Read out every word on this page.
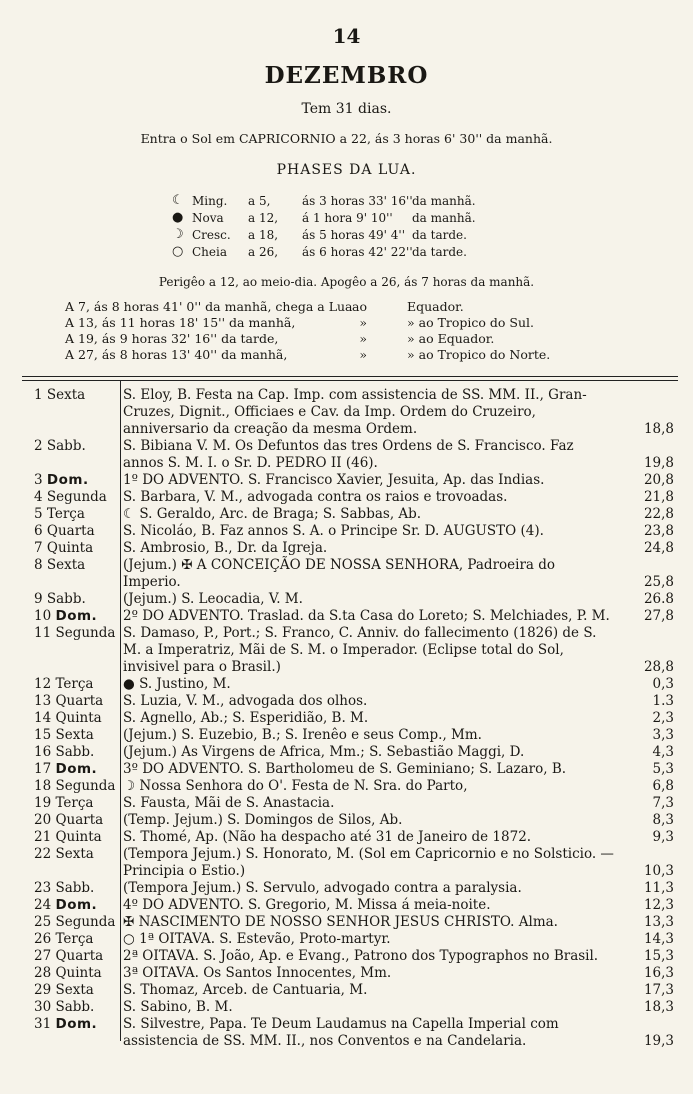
14
DEZEMBRO
Tem 31 dias.
Entra o Sol em CAPRICORNIO a 22, ás 3 horas 6' 30'' da manhã.
PHASES DA LUA.
☾ Ming.	a 5,	ás 3 horas 33' 16'' da manhã.
● Nova	a 12,	á 1 hora 9' 10''	da manhã.
☽ Cresc.	a 18,	ás 5 horas 49' 4'' da tarde.
○ Cheia	a 26,	ás 6 horas 42' 22'' da tarde.
Perigêo a 12, ao meio-dia. Apogêo a 26, ás 7 horas da manhã.
A 7, ás 8 horas 41' 0'' da manhã, chega a Lua ao	Equador.
A 13, ás 11 horas 18' 15'' da manhã,	»	» ao Tropico do Sul.
A 19, ás 9 horas 32' 16'' da tarde,	»	» ao Equador.
A 27, ás 8 horas 13' 40'' da manhã,	»	» ao Tropico do Norte.
1 Sexta	S. Eloy, B. Festa na Cap. Imp. com assistencia de SS. MM. II., Gran-Cruzes, Dignit., Officiaes e Cav. da Imp. Ordem do Cruzeiro, anniversario da creação da mesma Ordem.	18,8
2 Sabb.	S. Bibiana V. M. Os Defuntos das tres Ordens de S. Francisco. Faz annos S. M. I. o Sr. D. PEDRO II (46).	19,8
3 Dom.	1º DO ADVENTO. S. Francisco Xavier, Jesuita, Ap. das Indias.	20,8
4 Segunda	S. Barbara, V. M., advogada contra os raios e trovoadas.	21,8
5 Terça	☾ S. Geraldo, Arc. de Braga; S. Sabbas, Ab.	22,8
6 Quarta	S. Nicoláo, B. Faz annos S. A. o Principe Sr. D. AUGUSTO (4).	23,8
7 Quinta	S. Ambrosio, B., Dr. da Igreja.	24,8
8 Sexta	(Jejum.) ✠ A CONCEIÇÃO DE NOSSA SENHORA, Padroeira do Imperio.	25,8
9 Sabb.	(Jejum.) S. Leocadia, V. M.	26.8
10 Dom.	2º DO ADVENTO. Traslad. da S.ta Casa do Loreto; S. Melchiades, P. M.	27,8
11 Segunda S. Damaso, P., Port.; S. Franco, C. Anniv. do fallecimento (1826) de S. M. a Imperatriz, Mãi de S. M. o Imperador. (Eclipse total do Sol, invisivel para o Brasil.)	28,8
12 Terça	● S. Justino, M.	0,3
13 Quarta	S. Luzia, V. M., advogada dos olhos.	1.3
14 Quinta	S. Agnello, Ab.; S. Esperidião, B. M.	2,3
15 Sexta	(Jejum.) S. Euzebio, B.; S. Irenêo e seus Comp., Mm.	3,3
16 Sabb.	(Jejum.) As Virgens de Africa, Mm.; S. Sebastião Maggi, D.	4,3
17 Dom.	3º DO ADVENTO. S. Bartholomeu de S. Geminiano; S. Lazaro, B.	5,3
18 Segunda ☽ Nossa Senhora do O'. Festa de N. Sra. do Parto,	6,8
19 Terça	S. Fausta, Mãi de S. Anastacia.	7,3
20 Quarta	(Temp. Jejum.) S. Domingos de Silos, Ab.	8,3
21 Quinta	S. Thomé, Ap. (Não ha despacho até 31 de Janeiro de 1872.	9,3
22 Sexta	(Tempora Jejum.) S. Honorato, M. (Sol em Capricornio e no Solsticio. — Principia o Estio.)	10,3
23 Sabb.	(Tempora Jejum.) S. Servulo, advogado contra a paralysia.	11,3
24 Dom.	4º DO ADVENTO. S. Gregorio, M. Missa á meia-noite.	12,3
25 Segunda ✠ NASCIMENTO DE NOSSO SENHOR JESUS CHRISTO. Alma.	13,3
26 Terça	○ 1ª OITAVA. S. Estevão, Proto-martyr.	14,3
27 Quarta	2ª OITAVA. S. João, Ap. e Evang., Patrono dos Typographos no Brasil.	15,3
28 Quinta	3ª OITAVA. Os Santos Innocentes, Mm.	16,3
29 Sexta	S. Thomaz, Arceb. de Cantuaria, M.	17,3
30 Sabb.	S. Sabino, B. M.	18,3
31 Dom.	S. Silvestre, Papa. Te Deum Laudamus na Capella Imperial com assistencia de SS. MM. II., nos Conventos e na Candelaria.	19,3
